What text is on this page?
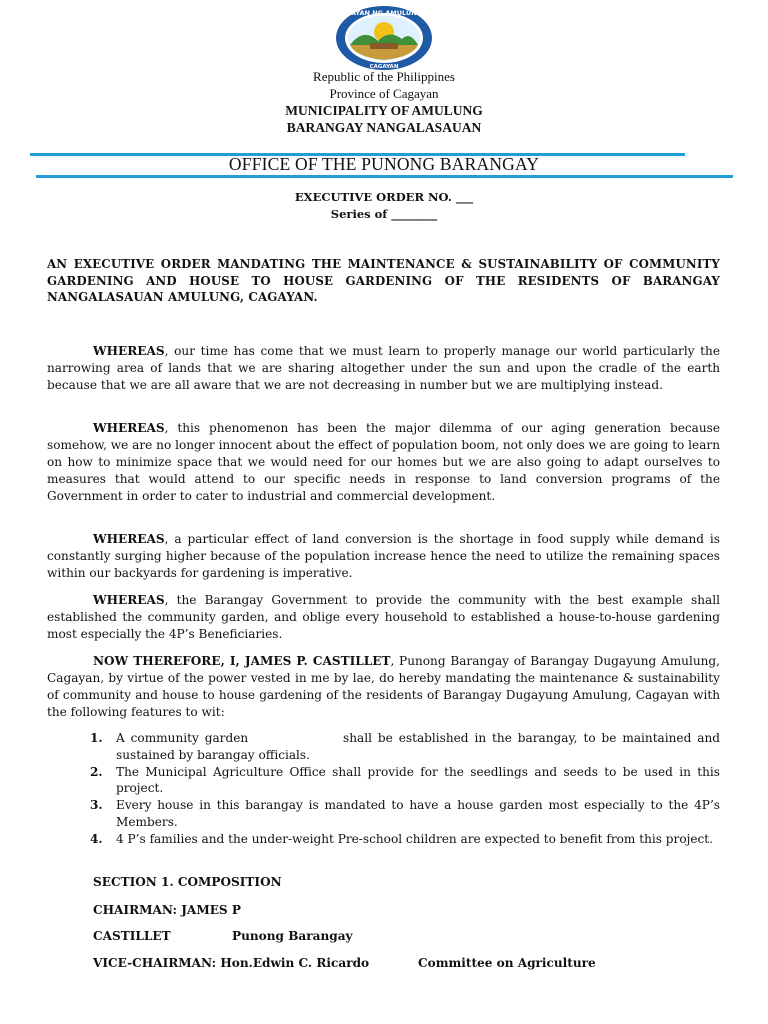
BAYAN NG AMULUNG
CAGAYAN
Republic of the Philippines
Province of Cagayan
MUNICIPALITY OF AMULUNG
BARANGAY NANGALASAUAN
OFFICE OF THE PUNONG BARANGAY
EXECUTIVE ORDER NO. ___
Series of ________
AN EXECUTIVE ORDER MANDATING THE MAINTENANCE & SUSTAINABILITY OF COMMUNITY GARDENING AND HOUSE TO HOUSE GARDENING OF THE RESIDENTS OF BARANGAY NANGALASAUAN AMULUNG, CAGAYAN.
WHEREAS, our time has come that we must learn to properly manage our world particularly the narrowing area of lands that we are sharing altogether under the sun and upon the cradle of the earth because that we are all aware that we are not decreasing in number but we are multiplying instead.
WHEREAS, this phenomenon has been the major dilemma of our aging generation because somehow, we are no longer innocent about the effect of population boom, not only does we are going to learn on how to minimize space that we would need for our homes but we are also going to adapt ourselves to measures that would attend to our specific needs in response to land conversion programs of the Government in order to cater to industrial and commercial development.
WHEREAS, a particular effect of land conversion is the shortage in food supply while demand is constantly surging higher because of the population increase hence the need to utilize the remaining spaces within our backyards for gardening is imperative.
WHEREAS, the Barangay Government to provide the community with the best example shall established the community garden, and oblige every household to established a house-to-house gardening most especially the 4P’s Beneficiaries.
NOW THEREFORE, I, JAMES P. CASTILLET, Punong Barangay of Barangay Dugayung Amulung, Cagayan, by virtue of the power vested in me by lae, do hereby mandating the maintenance & sustainability of community and house to house gardening of the residents of Barangay Dugayung Amulung, Cagayan with the following features to wit:
1. A community garden                shall be established in the barangay, to be maintained and sustained by barangay officials.
2. The Municipal Agriculture Office shall provide for the seedlings and seeds to be used in this project.
3. Every house in this barangay is mandated to have a house garden most especially to the 4P’s Members.
4. 4 P’s families and the under-weight Pre-school children are expected to benefit from this project.
SECTION 1. COMPOSITION
CHAIRMAN: JAMES P
CASTILLET	Punong Barangay
VICE-CHAIRMAN: Hon.Edwin C. Ricardo	Committee on Agriculture
